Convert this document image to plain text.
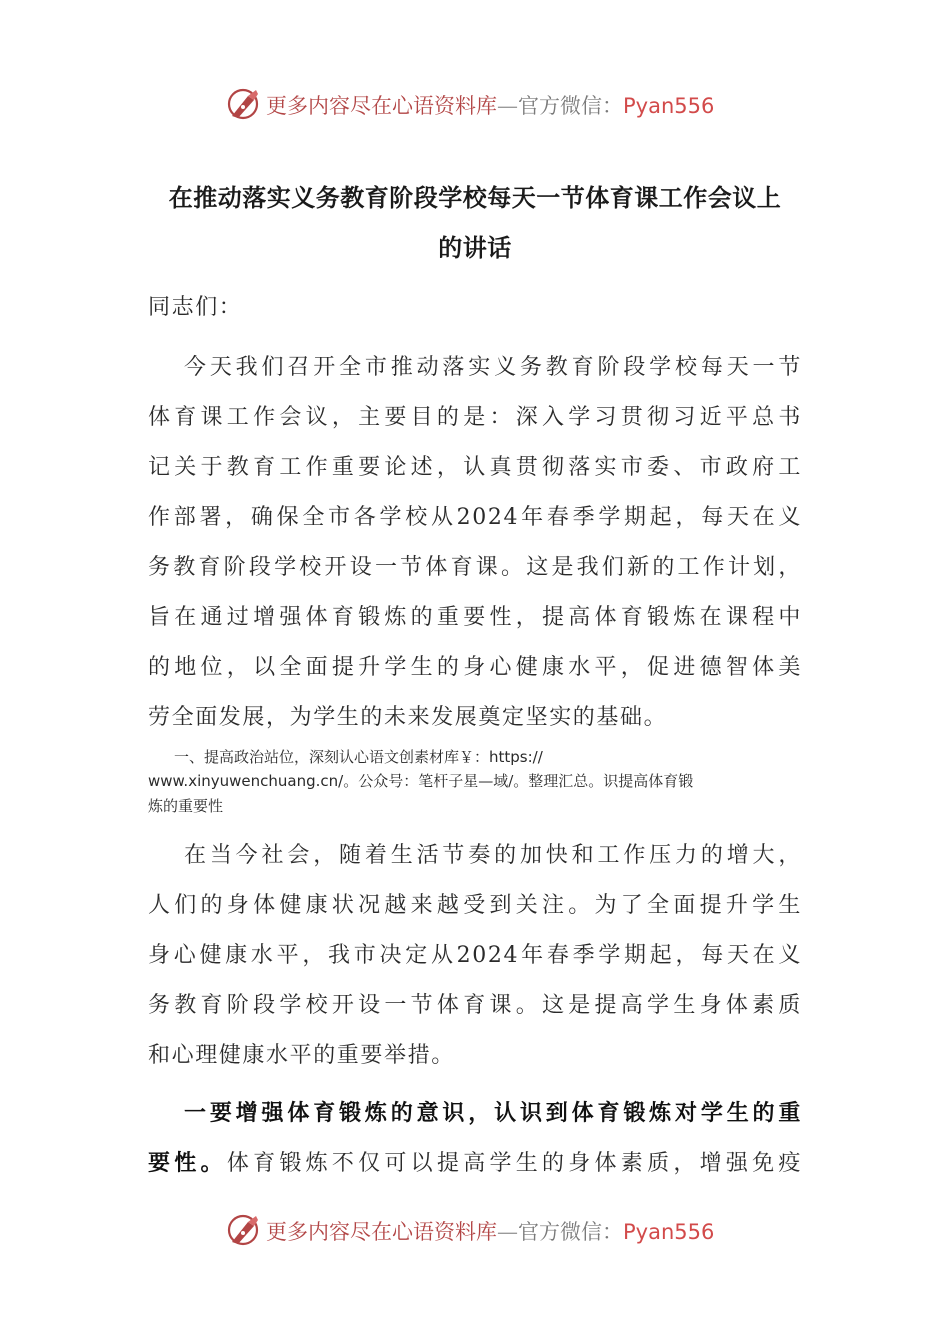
更多内容尽在心语资料库—官方微信：Pyan556
在推动落实义务教育阶段学校每天一节体育课工作会议上
的讲话
同志们：
今天我们召开全市推动落实义务教育阶段学校每天一节
体育课工作会议，主要目的是：深入学习贯彻习近平总书
记关于教育工作重要论述，认真贯彻落实市委、市政府工
作部署，确保全市各学校从2024年春季学期起，每天在义
务教育阶段学校开设一节体育课。这是我们新的工作计划，
旨在通过增强体育锻炼的重要性，提高体育锻炼在课程中
的地位，以全面提升学生的身心健康水平，促进德智体美
劳全面发展，为学生的未来发展奠定坚实的基础。
一、提高政治站位，深刻认心语文创素材库￥：https://
www.xinyuwenchuang.cn/。公众号：笔杆子星—域/。整理汇总。识提高体育锻
炼的重要性
在当今社会，随着生活节奏的加快和工作压力的增大，
人们的身体健康状况越来越受到关注。为了全面提升学生
身心健康水平，我市决定从2024年春季学期起，每天在义
务教育阶段学校开设一节体育课。这是提高学生身体素质
和心理健康水平的重要举措。
一要增强体育锻炼的意识，认识到体育锻炼对学生的重
要性。体育锻炼不仅可以提高学生的身体素质，增强免疫
更多内容尽在心语资料库—官方微信：Pyan556
